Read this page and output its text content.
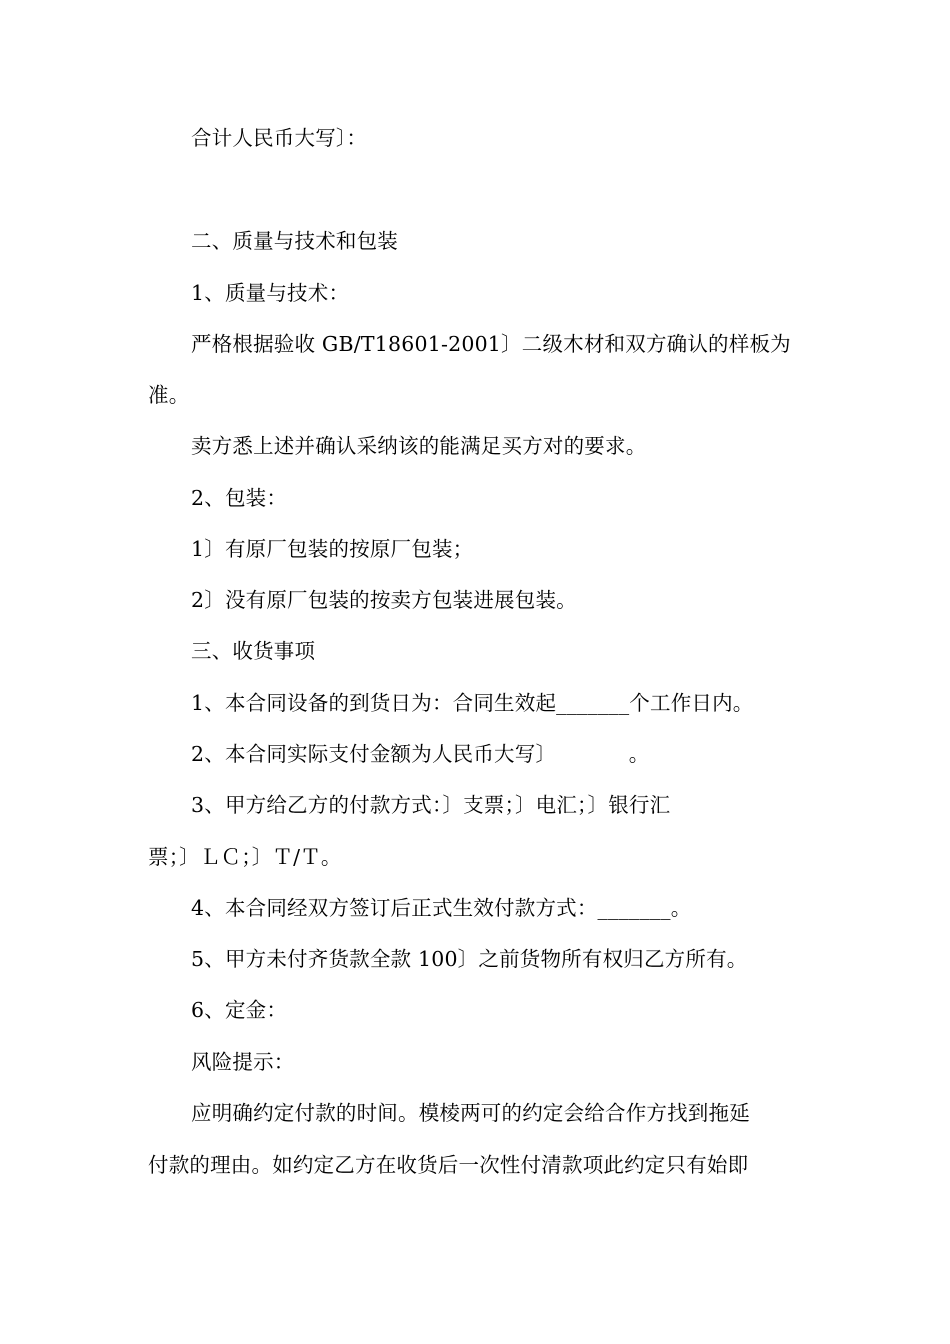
合计人民币大写〕：
二、质量与技术和包装
1、质量与技术：
严格根据验收 GB/T18601-2001〕二级木材和双方确认的样板为
准。
卖方悉上述并确认采纳该的能满足买方对的要求。
2、包装：
1〕有原厂包装的按原厂包装；
2〕没有原厂包装的按卖方包装进展包装。
三、收货事项
1、本合同设备的到货日为：合同生效起_______个工作日内。
2、本合同实际支付金额为人民币大写〕　　　　。
3、甲方给乙方的付款方式：〕支票；〕电汇；〕银行汇
票；〕ＬＣ；〕Ｔ/Ｔ。
4、本合同经双方签订后正式生效付款方式：_______。
5、甲方未付齐货款全款 100〕之前货物所有权归乙方所有。
6、定金：
风险提示：
应明确约定付款的时间。模棱两可的约定会给合作方找到拖延
付款的理由。如约定乙方在收货后一次性付清款项此约定只有始即
